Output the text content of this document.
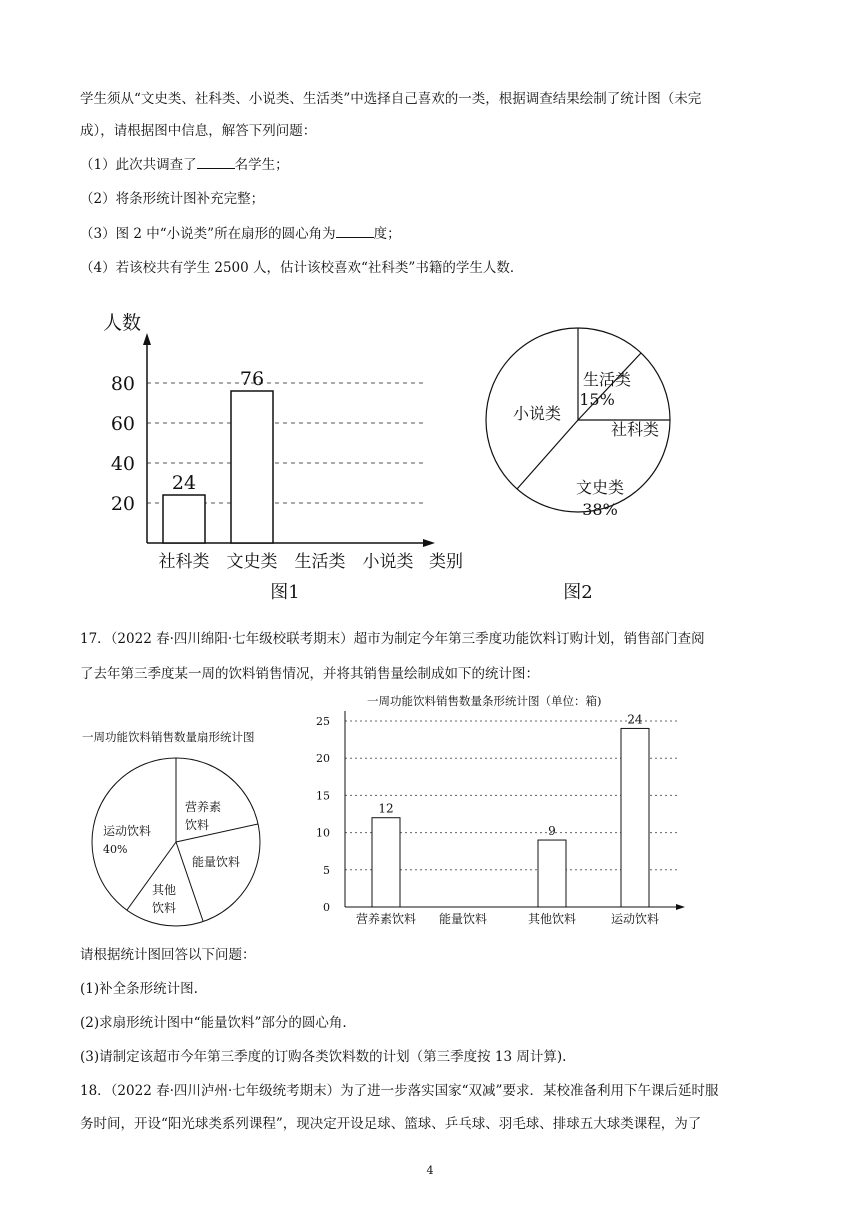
学生须从“文史类、社科类、小说类、生活类”中选择自己喜欢的一类，根据调查结果绘制了统计图（未完
成），请根据图中信息，解答下列问题：
（1）此次共调查了	名学生；
（2）将条形统计图补充完整；
（3）图 2 中“小说类”所在扇形的圆心角为	度；
（4）若该校共有学生 2500 人，估计该校喜欢“社科类”书籍的学生人数．
人数
类别
20
40
60
80
24
76
社科类 文史类 生活类 小说类
图1
生活类
15%
社科类
文史类
38%
小说类
图2
17．（2022 春·四川绵阳·七年级校联考期末）超市为制定今年第三季度功能饮料订购计划，销售部门查阅
了去年第三季度某一周的饮料销售情况，并将其销售量绘制成如下的统计图：
一周功能饮料销售数量扇形统计图
营养素
饮料
能量饮料
其他
饮料
运动饮料
40%
一周功能饮料销售数量条形统计图（单位：箱)
0
5
10
15
20
25
12
9
24
营养素饮料 能量饮料	其他饮料	运动饮料
请根据统计图回答以下问题：
(1)补全条形统计图.
(2)求扇形统计图中“能量饮料”部分的圆心角.
(3)请制定该超市今年第三季度的订购各类饮料数的计划（第三季度按 13 周计算).
18．（2022 春·四川泸州·七年级统考期末）为了进一步落实国家“双减”要求．某校准备利用下午课后延时服
务时间，开设“阳光球类系列课程”，现决定开设足球、篮球、乒乓球、羽毛球、排球五大球类课程，为了
4
